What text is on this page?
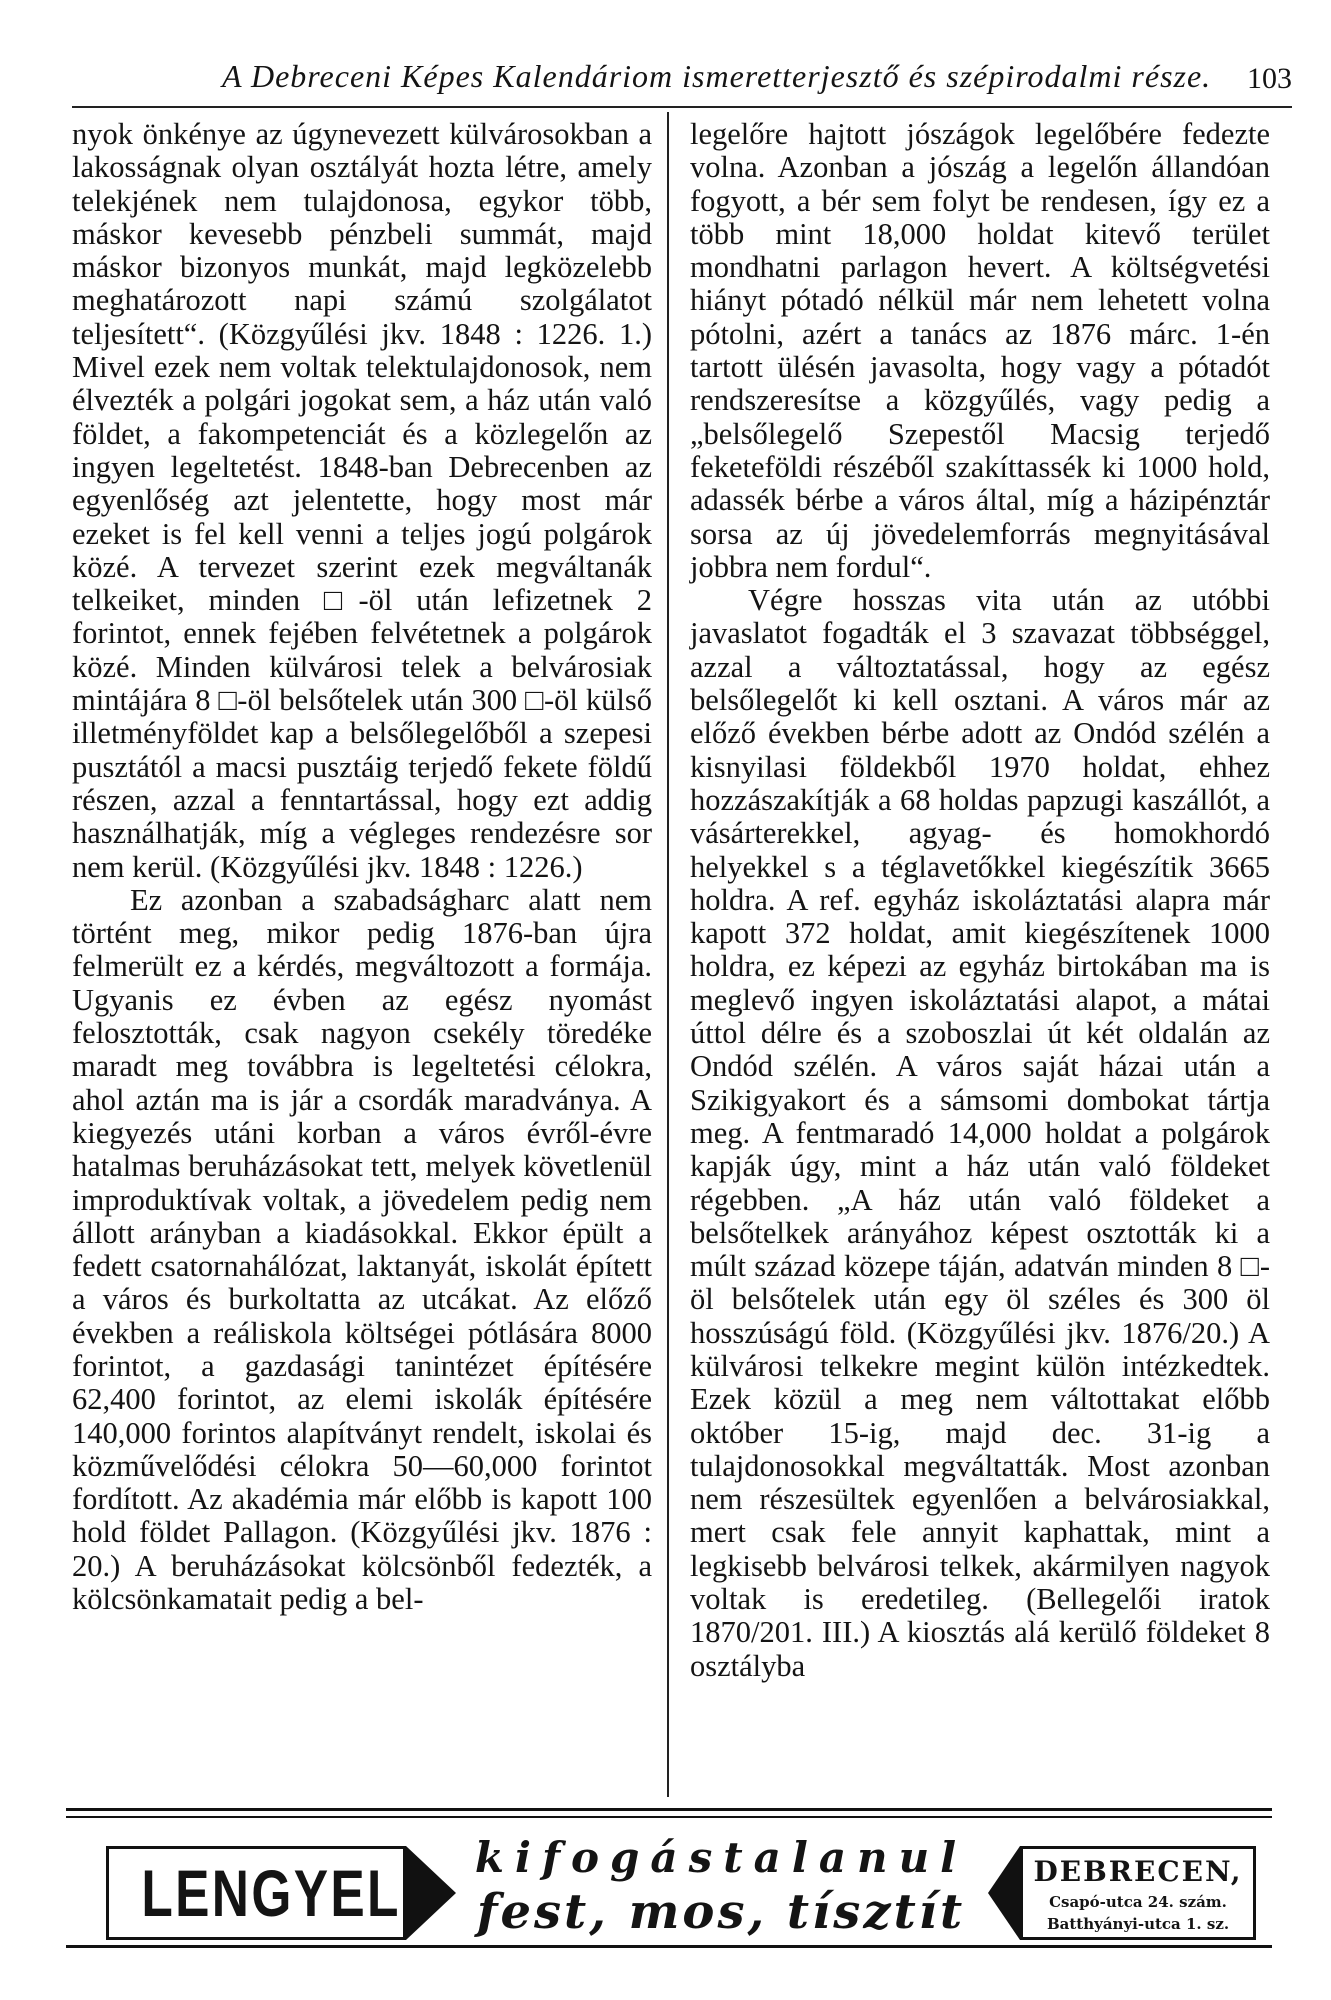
A Debreceni Képes Kalendáriom ismeretterjesztő és szépirodalmi része. 103

nyok önkénye az úgynevezett külvárosokban a lakosságnak olyan osztályát hozta létre, amely telekjének nem tulajdonosa, egykor több, máskor kevesebb pénzbeli summát, majd máskor bizonyos munkát, majd legközelebb meghatározott napi számú szolgálatot teljesített“. (Közgyűlési jkv. 1848 : 1226. 1.) Mivel ezek nem voltak telektulajdonosok, nem élvezték a polgári jogokat sem, a ház után való földet, a fakompetenciát és a közlegelőn az ingyen legeltetést. 1848-ban Debrecenben az egyenlőség azt jelentette, hogy most már ezeket is fel kell venni a teljes jogú polgárok közé. A tervezet szerint ezek megváltanák telkeiket, minden □-öl után lefizetnek 2 forintot, ennek fejében felvétetnek a polgárok közé. Minden külvárosi telek a belvárosiak mintájára 8 □-öl belsőtelek után 300 □-öl külső illetményföldet kap a belsőlegelőből a szepesi pusztától a macsi pusztáig terjedő fekete földű részen, azzal a fenntartással, hogy ezt addig használhatják, míg a végleges rendezésre sor nem kerül. (Közgyűlési jkv. 1848 : 1226.)

Ez azonban a szabadságharc alatt nem történt meg, mikor pedig 1876-ban újra felmerült ez a kérdés, megváltozott a formája. Ugyanis ez évben az egész nyomást felosztották, csak nagyon csekély töredéke maradt meg továbbra is legeltetési célokra, ahol aztán ma is jár a csordák maradványa. A kiegyezés utáni korban a város évről-évre hatalmas beruházásokat tett, melyek követlenül improduktívak voltak, a jövedelem pedig nem állott arányban a kiadásokkal. Ekkor épült a fedett csatornahálózat, laktanyát, iskolát épített a város és burkoltatta az utcákat. Az előző években a reáliskola költségei pótlására 8000 forintot, a gazdasági tanintézet építésére 62,400 forintot, az elemi iskolák építésére 140,000 forintos alapítványt rendelt, iskolai és közművelődési célokra 50—60,000 forintot fordított. Az akadémia már előbb is kapott 100 hold földet Pallagon. (Közgyűlési jkv. 1876 : 20.) A beruházásokat kölcsönből fedezték, a kölcsönkamatait pedig a bel-

legelőre hajtott jószágok legelőbére fedezte volna. Azonban a jószág a legelőn állandóan fogyott, a bér sem folyt be rendesen, így ez a több mint 18,000 holdat kitevő terület mondhatni parlagon hevert. A költségvetési hiányt pótadó nélkül már nem lehetett volna pótolni, azért a tanács az 1876 márc. 1-én tartott ülésén javasolta, hogy vagy a pótadót rendszeresítse a közgyűlés, vagy pedig a „belsőlegelő Szepestől Macsig terjedő feketeföldi részéből szakíttassék ki 1000 hold, adassék bérbe a város által, míg a házipénztár sorsa az új jövedelemforrás megnyitásával jobbra nem fordul“.

Végre hosszas vita után az utóbbi javaslatot fogadták el 3 szavazat többséggel, azzal a változtatással, hogy az egész belsőlegelőt ki kell osztani. A város már az előző években bérbe adott az Ondód szélén a kisnyilasi földekből 1970 holdat, ehhez hozzászakítják a 68 holdas papzugi kaszállót, a vásárterekkel, agyag- és homokhordó helyekkel s a téglavetőkkel kiegészítik 3665 holdra. A ref. egyház iskoláztatási alapra már kapott 372 holdat, amit kiegészítenek 1000 holdra, ez képezi az egyház birtokában ma is meglevő ingyen iskoláztatási alapot, a mátai úttol délre és a szoboszlai út két oldalán az Ondód szélén. A város saját házai után a Szikigyakort és a sámsomi dombokat tártja meg. A fentmaradó 14,000 holdat a polgárok kapják úgy, mint a ház után való földeket régebben. „A ház után való földeket a belsőtelkek arányához képest osztották ki a múlt század közepe táján, adatván minden 8 □-öl belsőtelek után egy öl széles és 300 öl hosszúságú föld. (Közgyűlési jkv. 1876/20.) A külvárosi telkekre megint külön intézkedtek. Ezek közül a meg nem váltottakat előbb október 15-ig, majd dec. 31-ig a tulajdonosokkal megváltatták. Most azonban nem részesültek egyenlően a belvárosiakkal, mert csak fele annyit kaphattak, mint a legkisebb belvárosi telkek, akármilyen nagyok voltak is eredetileg. (Bellegelői iratok 1870/201. III.) A kiosztás alá kerülő földeket 8 osztályba

LENGYEL	kifogástalanul
fest, mos, tísztít
DEBRECEN,
Csapó-utca 24. szám.
Batthyányi-utca 1. sz.
